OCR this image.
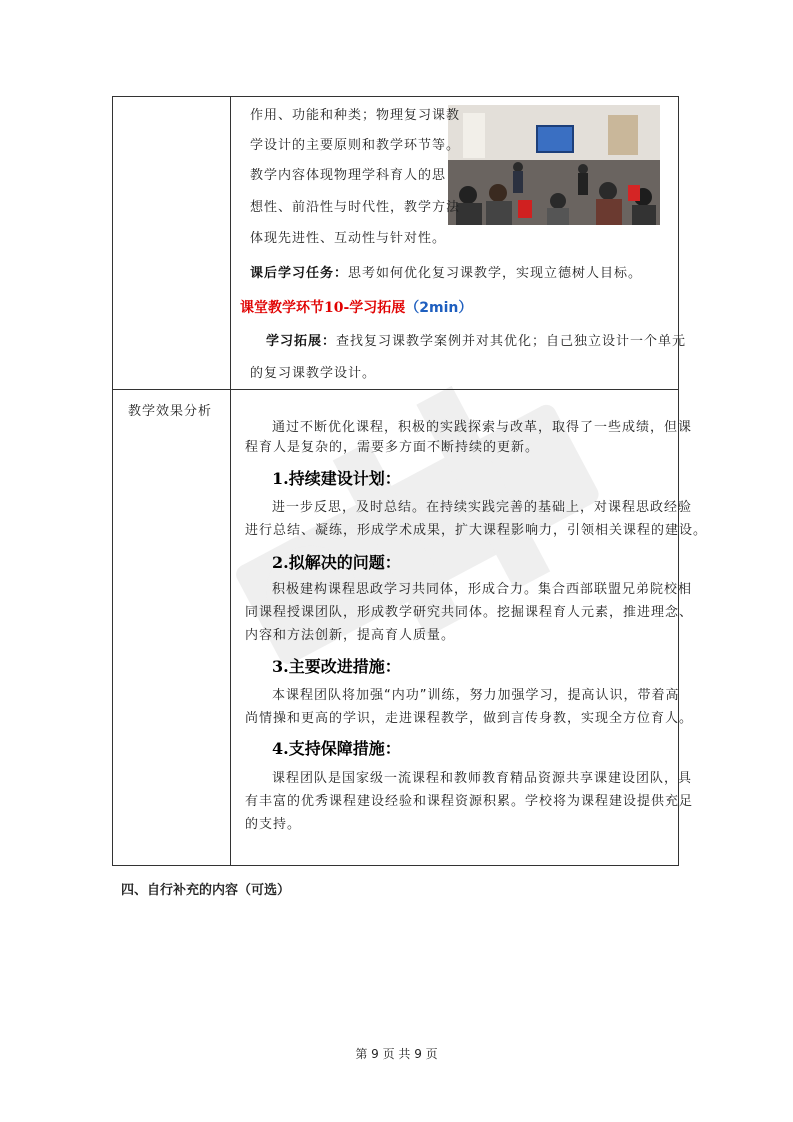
作用、功能和种类；物理复习课教
学设计的主要原则和教学环节等。
教学内容体现物理学科育人的思
想性、前沿性与时代性，教学方法
体现先进性、互动性与针对性。
课后学习任务：思考如何优化复习课教学，实现立德树人目标。
课堂教学环节10-学习拓展（2min）
学习拓展：查找复习课教学案例并对其优化；自己独立设计一个单元
的复习课教学设计。
教学效果分析
通过不断优化课程，积极的实践探索与改革，取得了一些成绩，但课
程育人是复杂的，需要多方面不断持续的更新。
1.持续建设计划：
进一步反思，及时总结。在持续实践完善的基础上，对课程思政经验
进行总结、凝练，形成学术成果，扩大课程影响力，引领相关课程的建设。
2.拟解决的问题：
积极建构课程思政学习共同体，形成合力。集合西部联盟兄弟院校相
同课程授课团队，形成教学研究共同体。挖掘课程育人元素，推进理念、
内容和方法创新，提高育人质量。
3.主要改进措施：
本课程团队将加强“内功”训练，努力加强学习，提高认识，带着高
尚情操和更高的学识，走进课程教学，做到言传身教，实现全方位育人。
4.支持保障措施：
课程团队是国家级一流课程和教师教育精品资源共享课建设团队，具
有丰富的优秀课程建设经验和课程资源积累。学校将为课程建设提供充足
的支持。
四、自行补充的内容（可选）
第 9 页 共 9 页
